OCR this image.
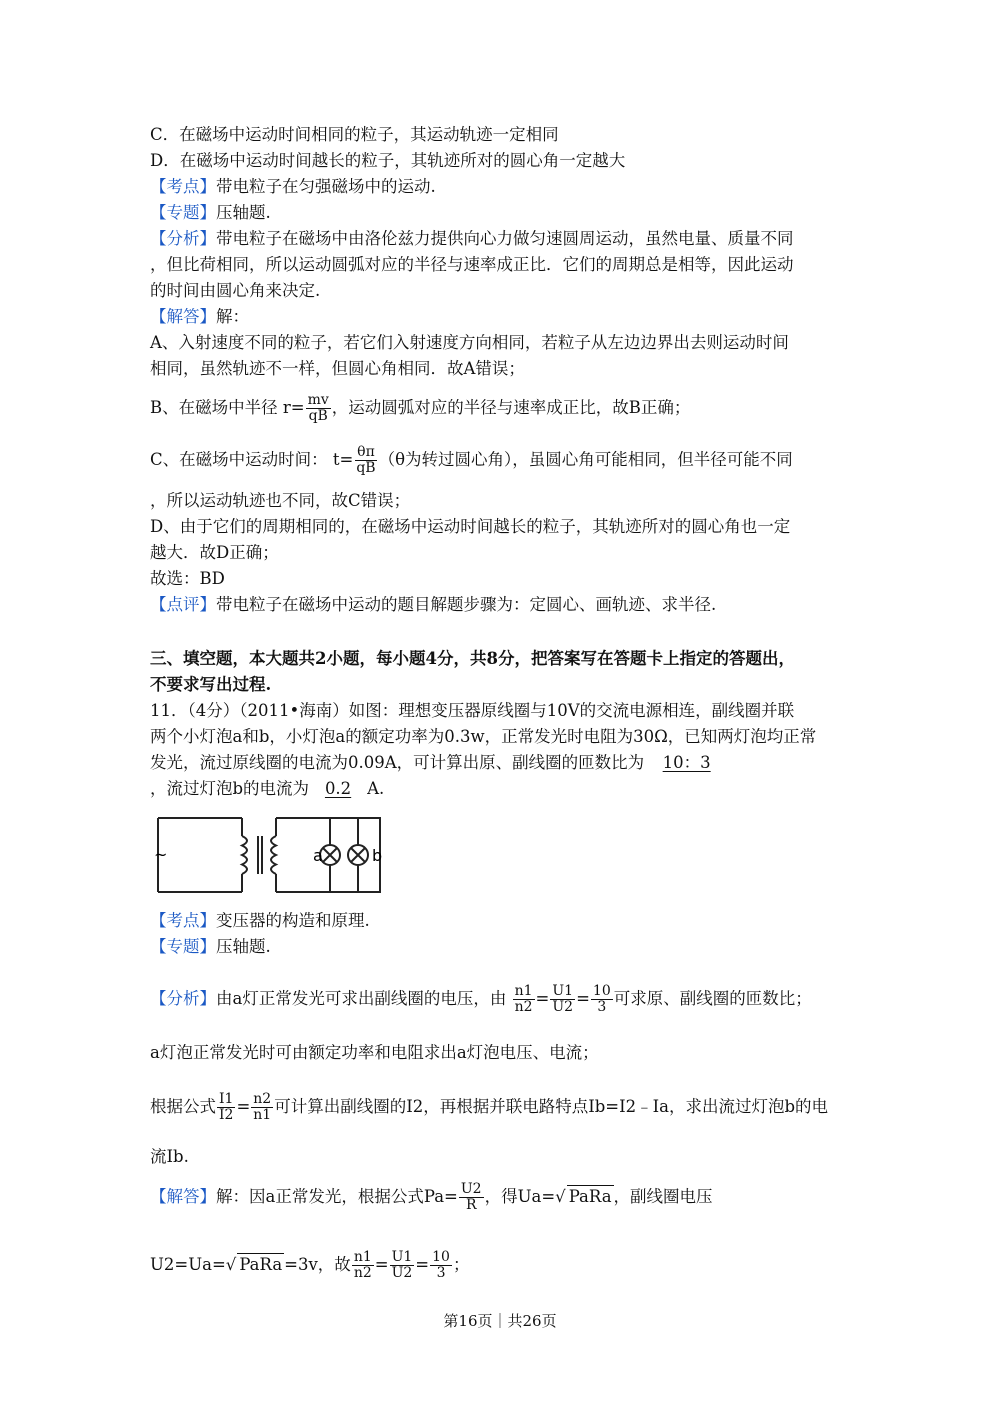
C．在磁场中运动时间相同的粒子，其运动轨迹一定相同
D．在磁场中运动时间越长的粒子，其轨迹所对的圆心角一定越大
【考点】带电粒子在匀强磁场中的运动.
【专题】压轴题.
【分析】带电粒子在磁场中由洛伦兹力提供向心力做匀速圆周运动，虽然电量、质量不同
，但比荷相同，所以运动圆弧对应的半径与速率成正比．它们的周期总是相等，因此运动
的时间由圆心角来决定.
【解答】解：
A、入射速度不同的粒子，若它们入射速度方向相同，若粒子从左边边界出去则运动时间
相同，虽然轨迹不一样，但圆心角相同．故A错误；
B、在磁场中半径 $r= \frac{mv}{qB}$ ，运动圆弧对应的半径与速率成正比，故B正确；
C、在磁场中运动时间： $t= \frac{\theta\pi}{qB} (\theta$为转过圆心角），虽圆心角可能相同，但半径可能不同
，所以运动轨迹也不同，故C错误；
D、由于它们的周期相同的，在磁场中运动时间越长的粒子，其轨迹所对的圆心角也一定
越大．故D正确；
故选：BD
【点评】带电粒子在磁场中运动的题目解题步骤为：定圆心、画轨迹、求半径.
三、填空题，本大题共2小题，每小题4分，共8分，把答案写在答题卡上指定的答题出，
不要求写出过程.
11．（4分）（2011•海南）如图：理想变压器原线圈与10V的交流电源相连，副线圈并联
两个小灯泡a和b，小灯泡a的额定功率为0.3w，正常发光时电阻为30Ω，已知两灯泡均正常
发光，流过原线圈的电流为0.09A，可计算出原、副线圈的匝数比为 10：3
，流过灯泡b的电流为 0.2 A.
~	a	b
【考点】变压器的构造和原理.
【专题】压轴题.
【分析】由a灯正常发光可求出副线圈的电压，由 $\frac{n1}{n2} = \frac{U1}{U2} = \frac{10}{3}$ 可求原、副线圈的匝数比；
a灯泡正常发光时可由额定功率和电阻求出a灯泡电压、电流；
根据公式 $\frac{I1}{I2} = \frac{n2}{n1}$ 可计算出副线圈的I2，再根据并联电路特点Ib=I2﹣Ia，求出流过灯泡b的电
流Ib.
【解答】解：因a正常发光，根据公式$Pa= \frac{U2}{R}$ ，得Ua=√ PaRa ，副线圈电压
U2=Ua=√ PaRa =3v，故 $\frac{n1}{n2} = \frac{U1}{U2} = \frac{10}{3}$ ；
第16页｜共26页
